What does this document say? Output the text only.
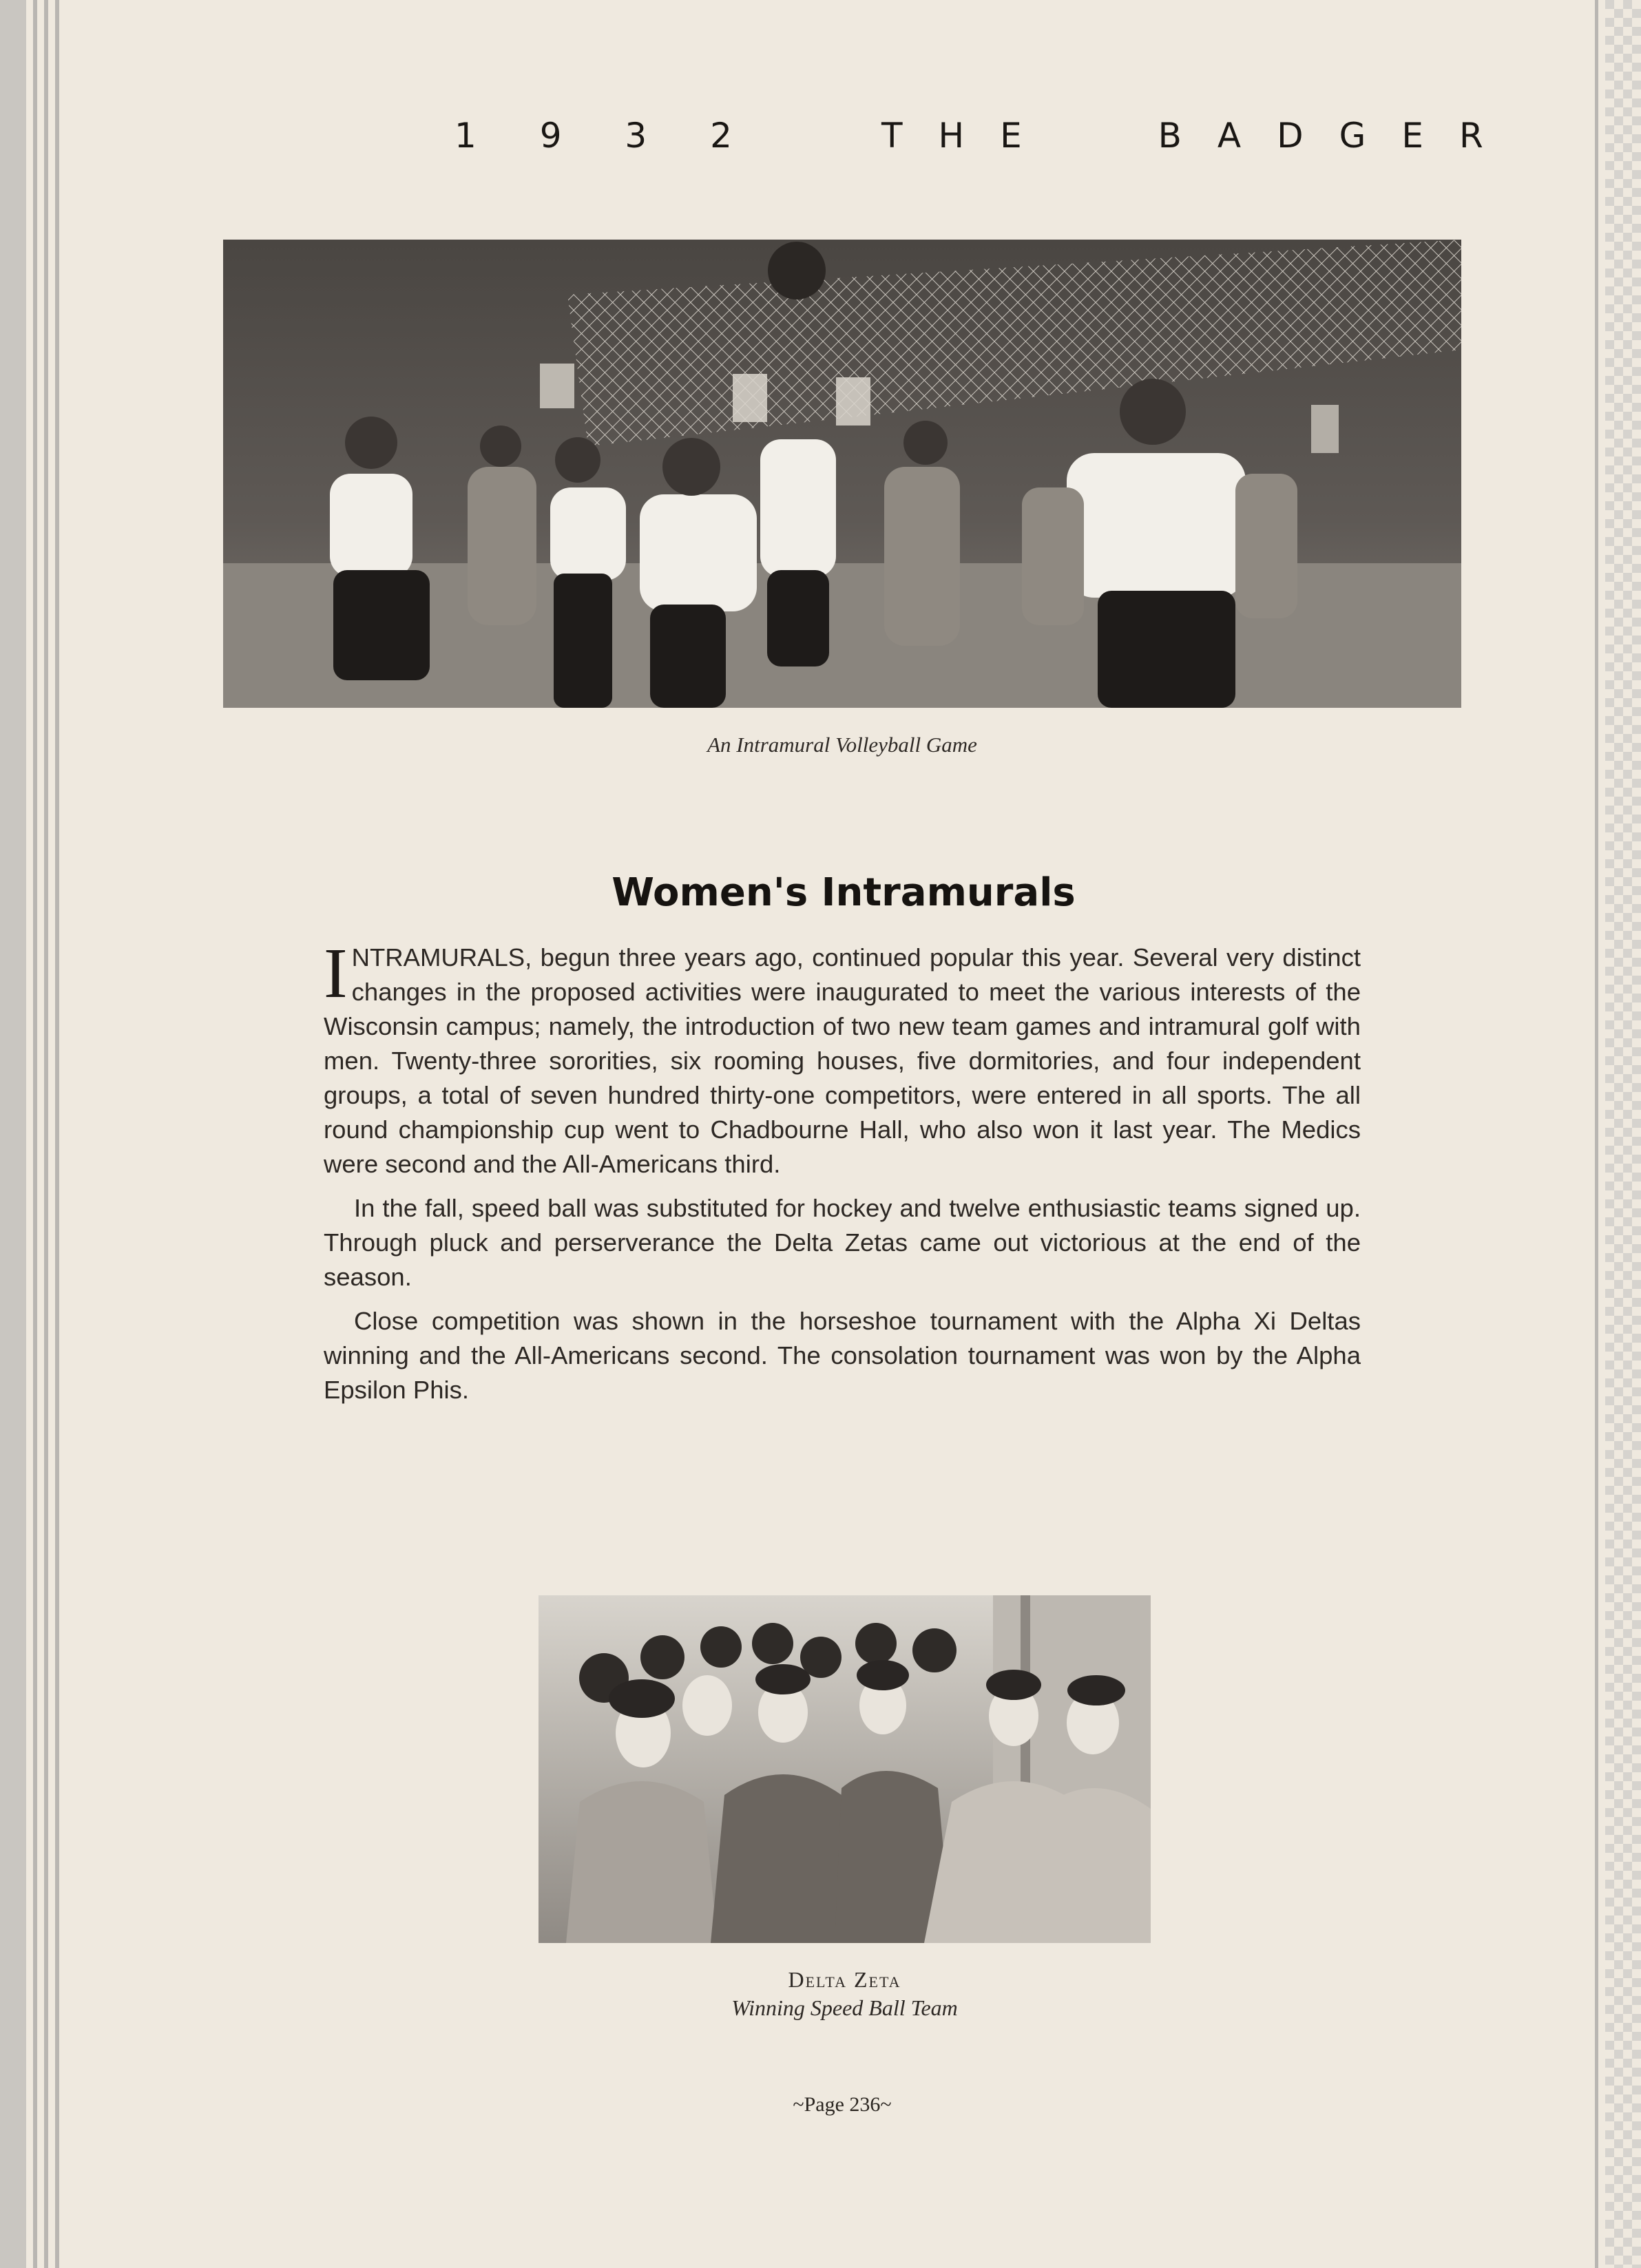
1 9 3 2	THE BADGER
An Intramural Volleyball Game
Women's Intramurals

INTRAMURALS, begun three years ago, continued popular this year. Several very distinct changes in the proposed activities were inaugurated to meet the various interests of the Wisconsin campus; namely, the introduction of two new team games and intramural golf with men. Twenty-three sororities, six rooming houses, five dormitories, and four independent groups, a total of seven hundred thirty-one competitors, were entered in all sports. The all round championship cup went to Chadbourne Hall, who also won it last year. The Medics were second and the All-Americans third.

In the fall, speed ball was substituted for hockey and twelve enthusiastic teams signed up. Through pluck and perserverance the Delta Zetas came out victorious at the end of the season.

Close competition was shown in the horseshoe tournament with the Alpha Xi Deltas winning and the All-Americans second. The consolation tournament was won by the Alpha Epsilon Phis.

Delta Zeta
Winning Speed Ball Team
~Page 236~
